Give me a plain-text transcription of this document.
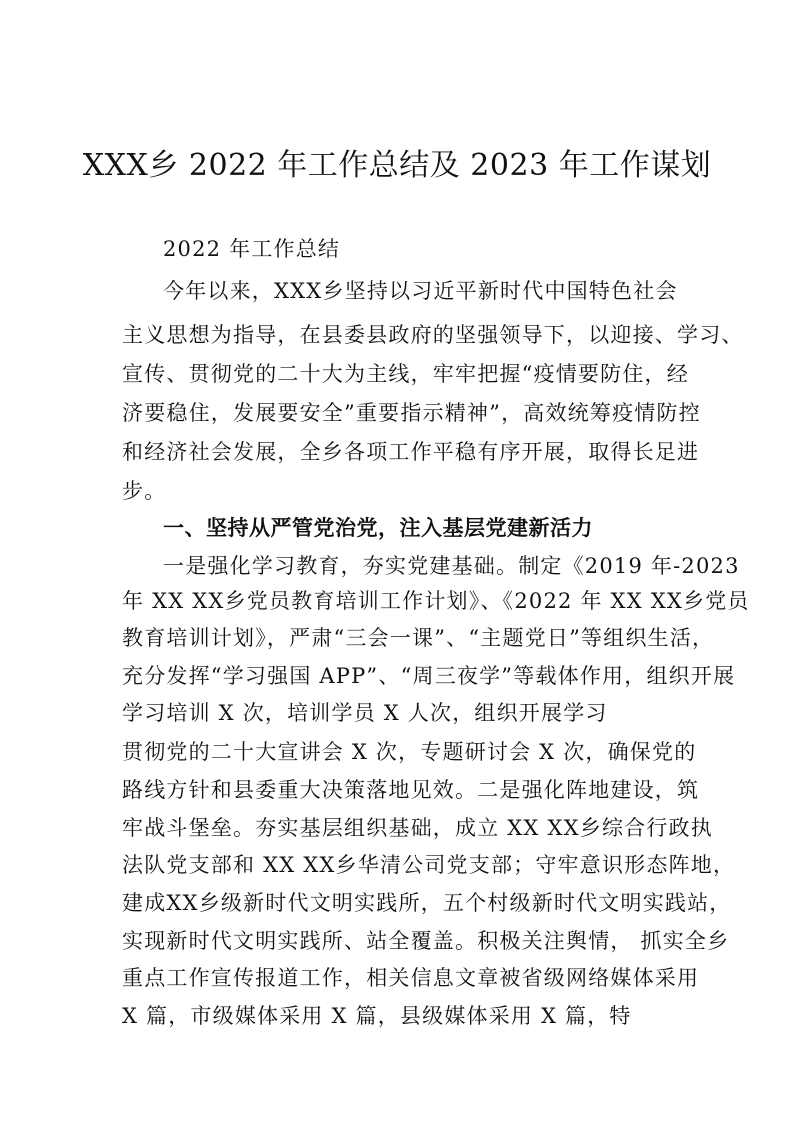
XXX乡 2022 年工作总结及 2023 年工作谋划
2022 年工作总结
今年以来，XXX乡坚持以习近平新时代中国特色社会
主义思想为指导，在县委县政府的坚强领导下，以迎接、学习、
宣传、贯彻党的二十大为主线，牢牢把握“疫情要防住，经
济要稳住，发展要安全”重要指示精神”，高效统筹疫情防控
和经济社会发展，全乡各项工作平稳有序开展，取得长足进
步。
一、坚持从严管党治党，注入基层党建新活力
一是强化学习教育，夯实党建基础。制定《2019 年-2023
年 XX XX乡党员教育培训工作计划》、《2022 年 XX XX乡党员
教育培训计划》，严肃“三会一课”、“主题党日”等组织生活，
充分发挥“学习强国 APP”、“周三夜学”等载体作用，组织开展
学习培训 X 次，培训学员 X 人次，组织开展学习
贯彻党的二十大宣讲会 X 次，专题研讨会 X 次，确保党的
路线方针和县委重大决策落地见效。二是强化阵地建设，筑
牢战斗堡垒。夯实基层组织基础，成立 XX XX乡综合行政执
法队党支部和 XX XX乡华清公司党支部；守牢意识形态阵地，
建成XX乡级新时代文明实践所，五个村级新时代文明实践站，
实现新时代文明实践所、站全覆盖。积极关注舆情， 抓实全乡
重点工作宣传报道工作，相关信息文章被省级网络媒体采用
X 篇，市级媒体采用 X 篇，县级媒体采用 X 篇，特
